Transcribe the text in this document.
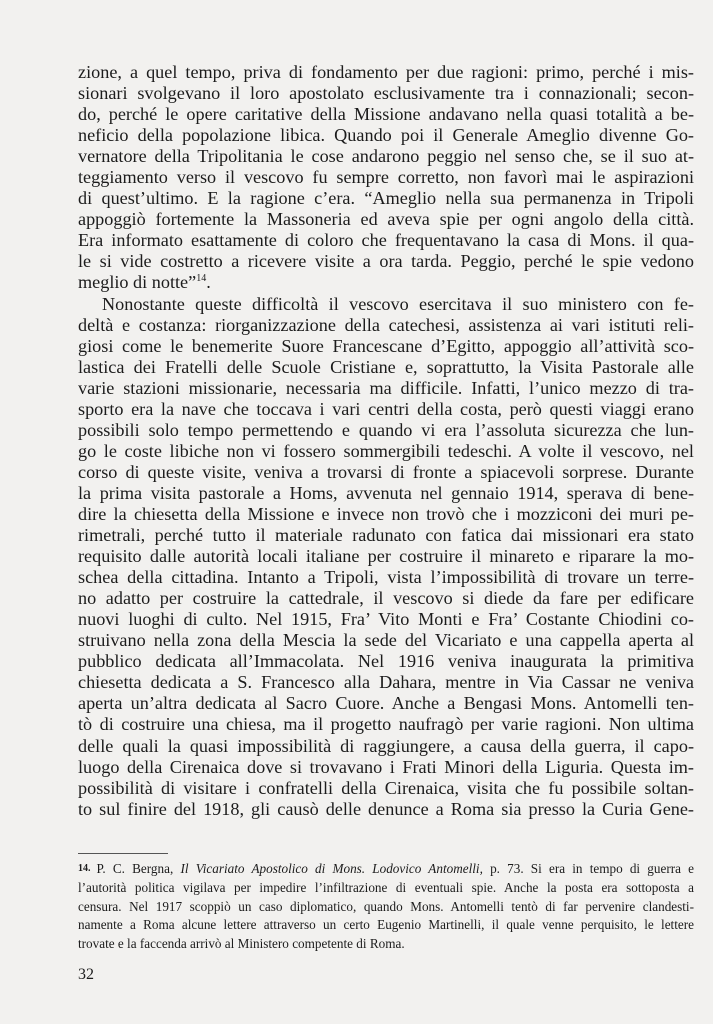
zione, a quel tempo, priva di fondamento per due ragioni: primo, perché i mis-
sionari svolgevano il loro apostolato esclusivamente tra i connazionali; secon-
do, perché le opere caritative della Missione andavano nella quasi totalità a be-
neficio della popolazione libica. Quando poi il Generale Ameglio divenne Go-
vernatore della Tripolitania le cose andarono peggio nel senso che, se il suo at-
teggiamento verso il vescovo fu sempre corretto, non favorì mai le aspirazioni
di quest’ultimo. E la ragione c’era. “Ameglio nella sua permanenza in Tripoli
appoggiò fortemente la Massoneria ed aveva spie per ogni angolo della città.
Era informato esattamente di coloro che frequentavano la casa di Mons. il qua-
le si vide costretto a ricevere visite a ora tarda. Peggio, perché le spie vedono
meglio di notte”$^{14}$.
Nonostante queste difficoltà il vescovo esercitava il suo ministero con fe-
deltà e costanza: riorganizzazione della catechesi, assistenza ai vari istituti reli-
giosi come le benemerite Suore Francescane d’Egitto, appoggio all’attività sco-
lastica dei Fratelli delle Scuole Cristiane e, soprattutto, la Visita Pastorale alle
varie stazioni missionarie, necessaria ma difficile. Infatti, l’unico mezzo di tra-
sporto era la nave che toccava i vari centri della costa, però questi viaggi erano
possibili solo tempo permettendo e quando vi era l’assoluta sicurezza che lun-
go le coste libiche non vi fossero sommergibili tedeschi. A volte il vescovo, nel
corso di queste visite, veniva a trovarsi di fronte a spiacevoli sorprese. Durante
la prima visita pastorale a Homs, avvenuta nel gennaio 1914, sperava di bene-
dire la chiesetta della Missione e invece non trovò che i mozziconi dei muri pe-
rimetrali, perché tutto il materiale radunato con fatica dai missionari era stato
requisito dalle autorità locali italiane per costruire il minareto e riparare la mo-
schea della cittadina. Intanto a Tripoli, vista l’impossibilità di trovare un terre-
no adatto per costruire la cattedrale, il vescovo si diede da fare per edificare
nuovi luoghi di culto. Nel 1915, Fra’ Vito Monti e Fra’ Costante Chiodini co-
struivano nella zona della Mescia la sede del Vicariato e una cappella aperta al
pubblico dedicata all’Immacolata. Nel 1916 veniva inaugurata la primitiva
chiesetta dedicata a S. Francesco alla Dahara, mentre in Via Cassar ne veniva
aperta un’altra dedicata al Sacro Cuore. Anche a Bengasi Mons. Antomelli ten-
tò di costruire una chiesa, ma il progetto naufragò per varie ragioni. Non ultima
delle quali la quasi impossibilità di raggiungere, a causa della guerra, il capo-
luogo della Cirenaica dove si trovavano i Frati Minori della Liguria. Questa im-
possibilità di visitare i confratelli della Cirenaica, visita che fu possibile soltan-
to sul finire del 1918, gli causò delle denunce a Roma sia presso la Curia Gene-
14. P. C. Bergna, Il Vicariato Apostolico di Mons. Lodovico Antomelli, p. 73. Si era in tempo di guerra e
l’autorità politica vigilava per impedire l’infiltrazione di eventuali spie. Anche la posta era sottoposta a
censura. Nel 1917 scoppiò un caso diplomatico, quando Mons. Antomelli tentò di far pervenire clandesti-
namente a Roma alcune lettere attraverso un certo Eugenio Martinelli, il quale venne perquisito, le lettere
trovate e la faccenda arrivò al Ministero competente di Roma.
32
